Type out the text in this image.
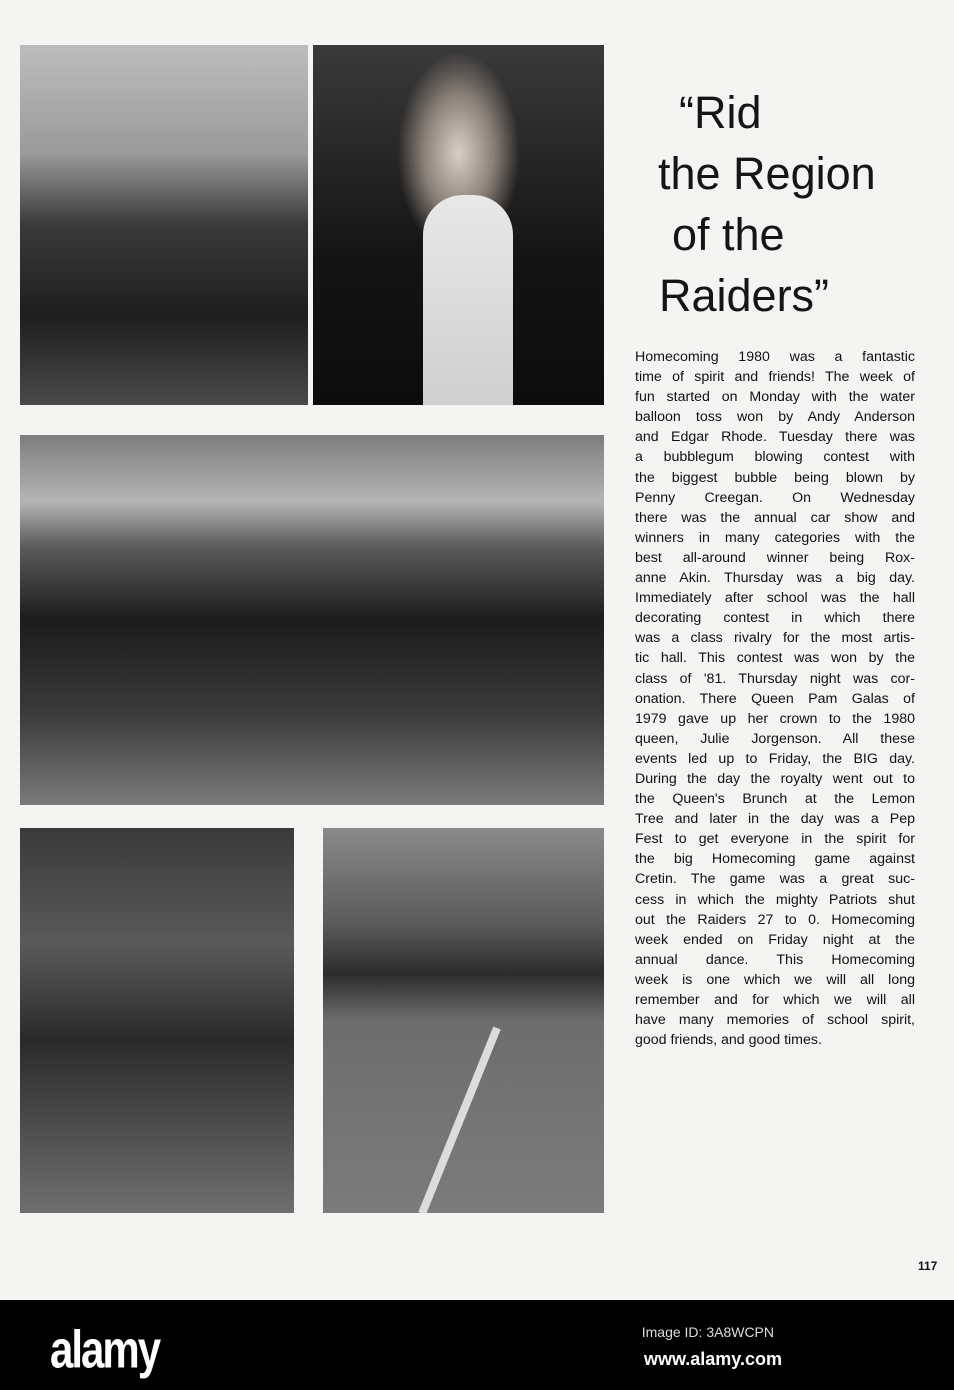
“Rid
the Region
of the
Raiders”
Homecoming 1980 was a fantastic
time of spirit and friends! The week of
fun started on Monday with the water
balloon toss won by Andy Anderson
and Edgar Rhode. Tuesday there was
a bubblegum blowing contest with
the biggest bubble being blown by
Penny Creegan. On Wednesday
there was the annual car show and
winners in many categories with the
best all-around winner being Rox-
anne Akin. Thursday was a big day.
Immediately after school was the hall
decorating contest in which there
was a class rivalry for the most artis-
tic hall. This contest was won by the
class of '81. Thursday night was cor-
onation. There Queen Pam Galas of
1979 gave up her crown to the 1980
queen, Julie Jorgenson. All these
events led up to Friday, the BIG day.
During the day the royalty went out to
the Queen's Brunch at the Lemon
Tree and later in the day was a Pep
Fest to get everyone in the spirit for
the big Homecoming game against
Cretin. The game was a great suc-
cess in which the mighty Patriots shut
out the Raiders 27 to 0. Homecoming
week ended on Friday night at the
annual dance. This Homecoming
week is one which we will all long
remember and for which we will all
have many memories of school spirit,
good friends, and good times.
117
alamy	Image ID: 3A8WCPN
www.alamy.com
